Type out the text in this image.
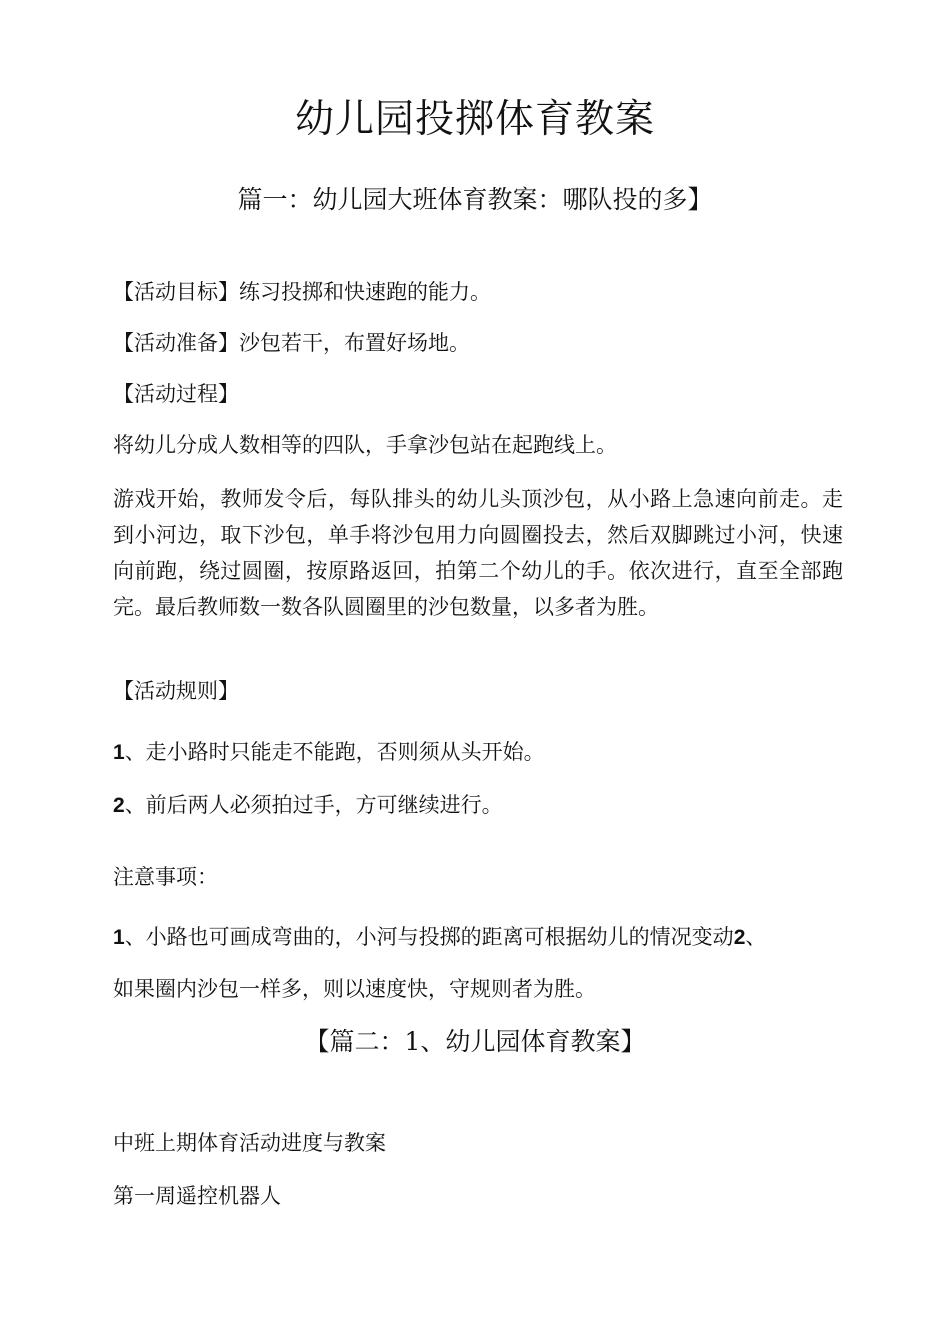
幼儿园投掷体育教案
篇一：幼儿园大班体育教案：哪队投的多】
【活动目标】练习投掷和快速跑的能力。
【活动准备】沙包若干，布置好场地。
【活动过程】
将幼儿分成人数相等的四队，手拿沙包站在起跑线上。
游戏开始，教师发令后，每队排头的幼儿头顶沙包，从小路上急速向前走。走到小河边，取下沙包，单手将沙包用力向圆圈投去，然后双脚跳过小河，快速向前跑，绕过圆圈，按原路返回，拍第二个幼儿的手。依次进行，直至全部跑完。最后教师数一数各队圆圈里的沙包数量，以多者为胜。
【活动规则】
1、走小路时只能走不能跑，否则须从头开始。
2、前后两人必须拍过手，方可继续进行。
注意事项：
1、小路也可画成弯曲的，小河与投掷的距离可根据幼儿的情况变动2、
如果圈内沙包一样多，则以速度快，守规则者为胜。
【篇二：1、幼儿园体育教案】
中班上期体育活动进度与教案
第一周遥控机器人
